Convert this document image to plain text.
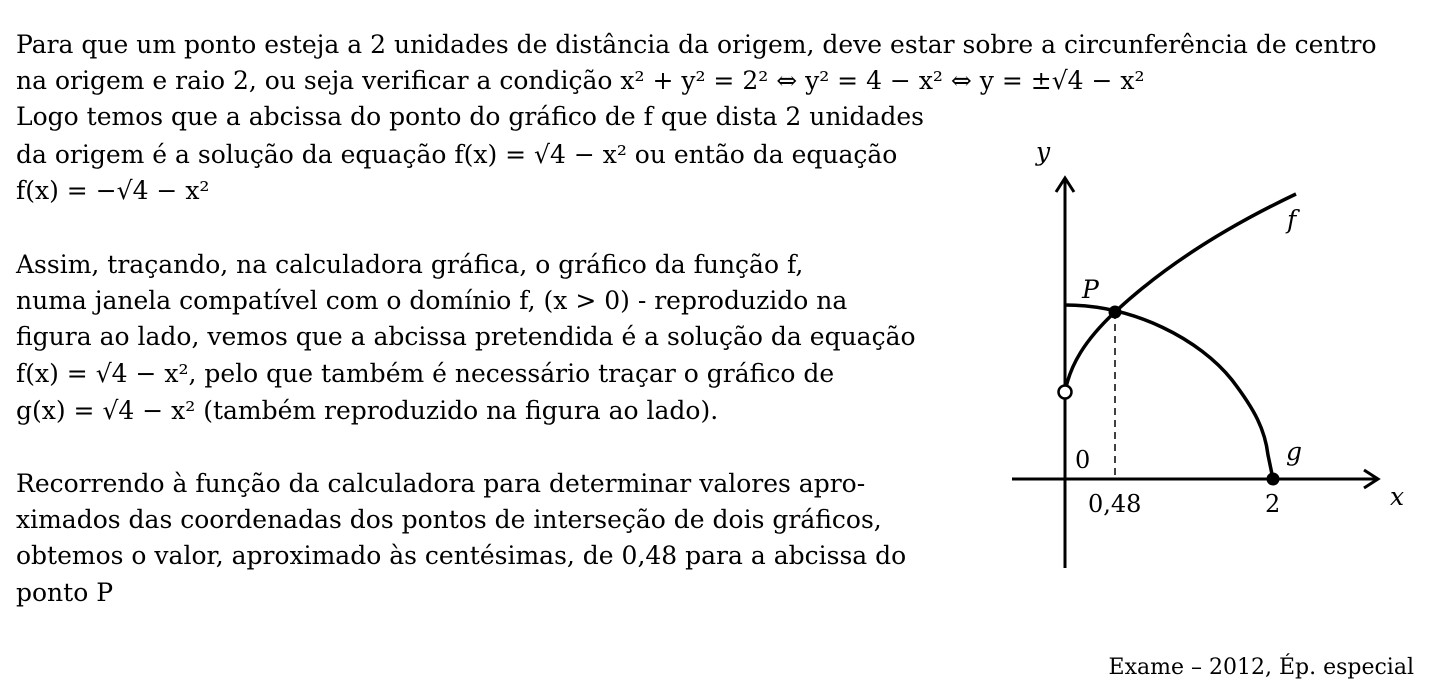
Para que um ponto esteja a 2 unidades de distância da origem, deve estar sobre a circunferência de centro
na origem e raio 2, ou seja verificar a condição x² + y² = 2² ⇔ y² = 4 − x² ⇔ y = ±√4 − x²
Logo temos que a abcissa do ponto do gráfico de f que dista 2 unidades
da origem é a solução da equação f(x) = √4 − x² ou então da equação
f(x) = −√4 − x²
Assim, traçando, na calculadora gráfica, o gráfico da função f,
numa janela compatível com o domínio f, (x > 0) - reproduzido na
figura ao lado, vemos que a abcissa pretendida é a solução da equação
f(x) = √4 − x², pelo que também é necessário traçar o gráfico de
g(x) = √4 − x² (também reproduzido na figura ao lado).
Recorrendo à função da calculadora para determinar valores apro-
ximados das coordenadas dos pontos de interseção de dois gráficos,
obtemos o valor, aproximado às centésimas, de 0,48 para a abcissa do
ponto P
y
x
0
0,48	2
f
g
P
Exame – 2012, Ép. especial
